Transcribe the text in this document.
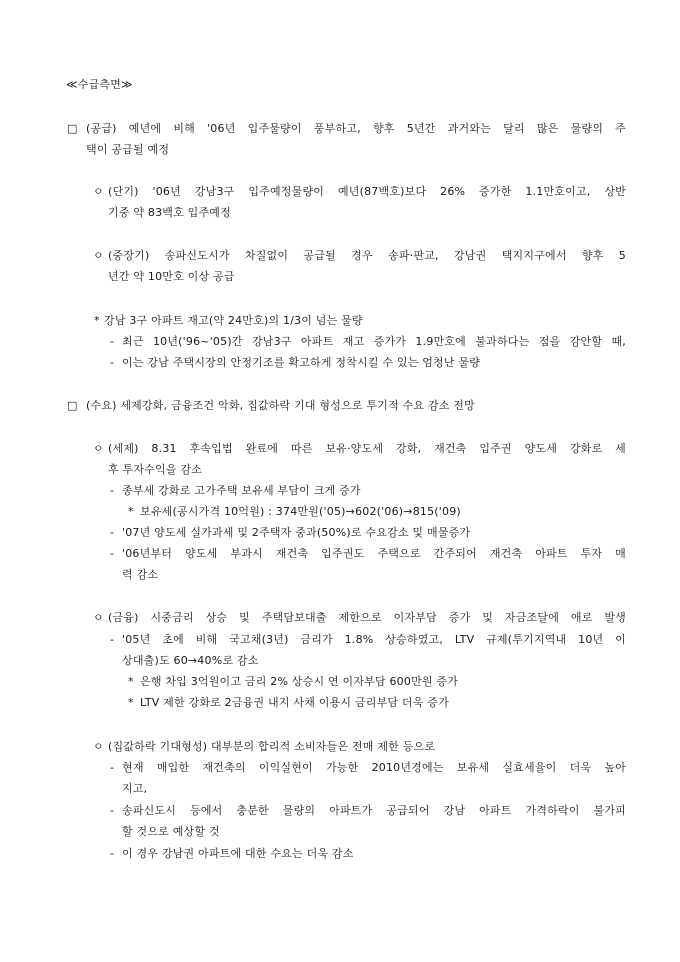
≪수급측면≫
□ (공급) 예년에 비해 '06년 입주물량이 풍부하고, 향후 5년간 과거와는 달리 많은 물량의 주
택이 공급될 예정
ㅇ (단기) '06년 강남3구 입주예정물량이 예년(87백호)보다 26% 증가한 1.1만호이고, 상반
기중 약 83백호 입주예정
ㅇ (중장기) 송파신도시가 차질없이 공급될 경우 송파·판교, 강남권 택지지구에서 향후 5
년간 약 10만호 이상 공급
* 강남 3구 아파트 재고(약 24만호)의 1/3이 넘는 물량
- 최근 10년('96~'05)간 강남3구 아파트 재고 증가가 1.9만호에 불과하다는 점을 감안할 때,
- 이는 강남 주택시장의 안정기조를 확고하게 정착시킬 수 있는 엄청난 물량
□ (수요) 세제강화, 금융조건 악화, 집값하락 기대 형성으로 투기적 수요 감소 전망
ㅇ (세제) 8.31 후속입법 완료에 따른 보유·양도세 강화, 재건축 입주권 양도세 강화로 세
후 투자수익을 감소
- 종부세 강화로 고가주택 보유세 부담이 크게 증가
* 보유세(공시가격 10억원) : 374만원('05)→602('06)→815('09)
- '07년 양도세 실가과세 및 2주택자 중과(50%)로 수요감소 및 매물증가
- '06년부터 양도세 부과시 재건축 입주권도 주택으로 간주되어 재건축 아파트 투자 매
력 감소
ㅇ (금융) 시중금리 상승 및 주택담보대출 제한으로 이자부담 증가 및 자금조달에 애로 발생
- '05년 초에 비해 국고채(3년) 금리가 1.8% 상승하였고, LTV 규제(투기지역내 10년 이
상대출)도 60→40%로 감소
* 은행 차입 3억원이고 금리 2% 상승시 연 이자부담 600만원 증가
* LTV 제한 강화로 2금융권 내지 사채 이용시 금리부담 더욱 증가
ㅇ (집값하락 기대형성) 대부분의 합리적 소비자들은 전매 제한 등으로
- 현재 매입한 재건축의 이익실현이 가능한 2010년경에는 보유세 실효세율이 더욱 높아
지고,
- 송파신도시 등에서 충분한 물량의 아파트가 공급되어 강남 아파트 가격하락이 불가피
할 것으로 예상할 것
- 이 경우 강남권 아파트에 대한 수요는 더욱 감소
